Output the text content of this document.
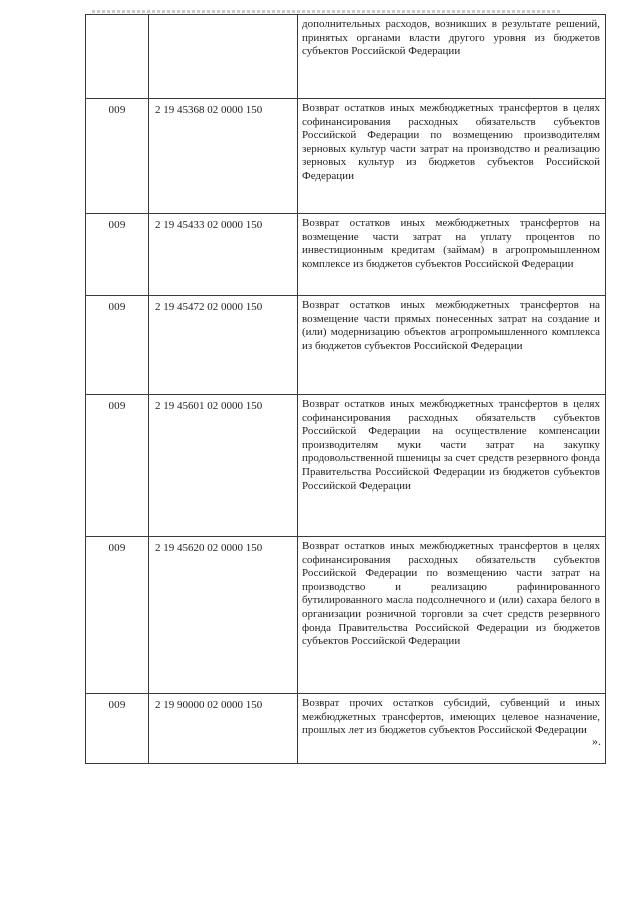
		дополнительных расходов, возникших в результате решений, принятых органами власти другого уровня из бюджетов субъектов Российской Федерации
009	2 19 45368 02 0000 150	Возврат остатков иных межбюджетных трансфертов в целях софинансирования расходных обязательств субъектов Российской Федерации по возмещению производителям зерновых культур части затрат на производство и реализацию зерновых культур из бюджетов субъектов Российской Федерации
009	2 19 45433 02 0000 150	Возврат остатков иных межбюджетных трансфертов на возмещение части затрат на уплату процентов по инвестиционным кредитам (займам) в агропромышленном комплексе из бюджетов субъектов Российской Федерации
009	2 19 45472 02 0000 150	Возврат остатков иных межбюджетных трансфертов на возмещение части прямых понесенных затрат на создание и (или) модернизацию объектов агропромышленного комплекса из бюджетов субъектов Российской Федерации
009	2 19 45601 02 0000 150	Возврат остатков иных межбюджетных трансфертов в целях софинансирования расходных обязательств субъектов Российской Федерации на осуществление компенсации производителям муки части затрат на закупку продовольственной пшеницы за счет средств резервного фонда Правительства Российской Федерации из бюджетов субъектов Российской Федерации
009	2 19 45620 02 0000 150	Возврат остатков иных межбюджетных трансфертов в целях софинансирования расходных обязательств субъектов Российской Федерации по возмещению части затрат на производство и реализацию рафинированного бутилированного масла подсолнечного и (или) сахара белого в организации розничной торговли за счет средств резервного фонда Правительства Российской Федерации из бюджетов субъектов Российской Федерации
009	2 19 90000 02 0000 150	Возврат прочих остатков субсидий, субвенций и иных межбюджетных трансфертов, имеющих целевое назначение, прошлых лет из бюджетов субъектов Российской Федерации
».
